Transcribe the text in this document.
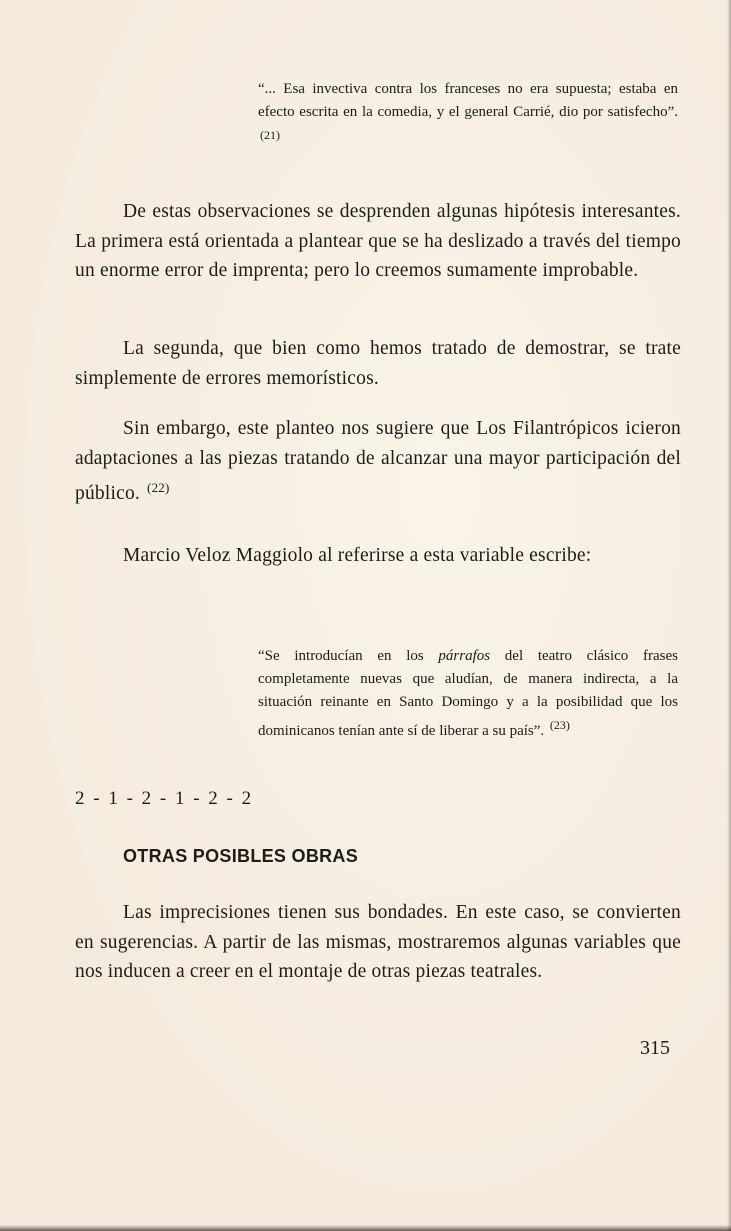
“... Esa invectiva contra los franceses no era supuesta; estaba en efecto escrita en la comedia, y el general Carrié, dio por satisfecho”. $^{(21)}$

De estas observaciones se desprenden algunas hipótesis interesantes. La primera está orientada a plantear que se ha deslizado a través del tiempo un enorme error de imprenta; pero lo creemos sumamente improbable.

La segunda, que bien como hemos tratado de demostrar, se trate simplemente de errores memorísticos.

Sin embargo, este planteo nos sugiere que Los Filantrópicos icieron adaptaciones a las piezas tratando de alcanzar una mayor participación del público. $^{(22)}$

Marcio Veloz Maggiolo al referirse a esta variable escribe:

“Se introducían en los párrafos del teatro clásico frases completamente nuevas que aludían, de manera indirecta, a la situación reinante en Santo Domingo y a la posibilidad que los dominicanos tenían ante sí de liberar a su país”. $^{(23)}$

2 - 1 - 2 - 1 - 2 - 2
OTRAS POSIBLES OBRAS

Las imprecisiones tienen sus bondades. En este caso, se convierten en sugerencias. A partir de las mismas, mostraremos algunas variables que nos inducen a creer en el montaje de otras piezas teatrales.

315
